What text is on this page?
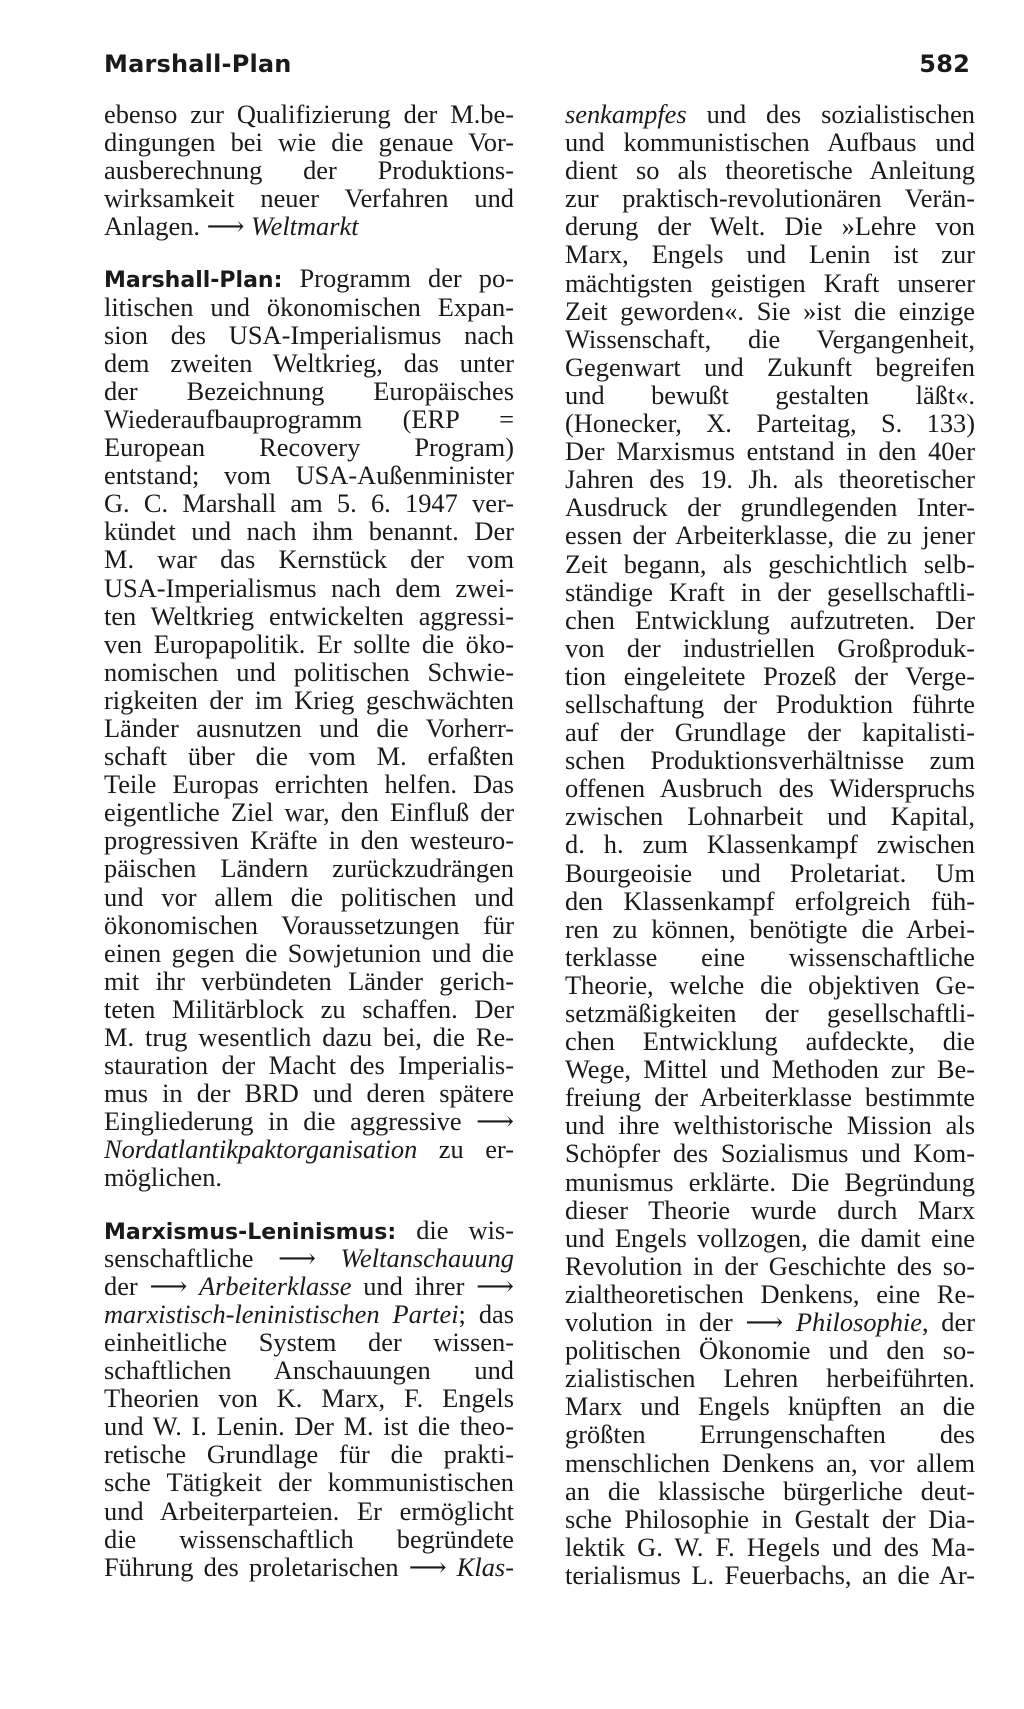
Marshall-Plan	582
ebenso zur Qualifizierung der M.be-
dingungen bei wie die genaue Vor-
ausberechnung der Produktions-
wirksamkeit neuer Verfahren und
Anlagen. ⟶ Weltmarkt
Marshall-Plan: Programm der po-
litischen und ökonomischen Expan-
sion des USA-Imperialismus nach
dem zweiten Weltkrieg, das unter
der Bezeichnung Europäisches
Wiederaufbauprogramm (ERP =
European Recovery Program)
entstand; vom USA-Außenminister
G. C. Marshall am 5. 6. 1947 ver-
kündet und nach ihm benannt. Der
M. war das Kernstück der vom
USA-Imperialismus nach dem zwei-
ten Weltkrieg entwickelten aggressi-
ven Europapolitik. Er sollte die öko-
nomischen und politischen Schwie-
rigkeiten der im Krieg geschwächten
Länder ausnutzen und die Vorherr-
schaft über die vom M. erfaßten
Teile Europas errichten helfen. Das
eigentliche Ziel war, den Einfluß der
progressiven Kräfte in den westeuro-
päischen Ländern zurückzudrängen
und vor allem die politischen und
ökonomischen Voraussetzungen für
einen gegen die Sowjetunion und die
mit ihr verbündeten Länder gerich-
teten Militärblock zu schaffen. Der
M. trug wesentlich dazu bei, die Re-
stauration der Macht des Imperialis-
mus in der BRD und deren spätere
Eingliederung in die aggressive ⟶
Nordatlantikpaktorganisation zu er-
möglichen.
Marxismus-Leninismus: die wis-
senschaftliche ⟶ Weltanschauung
der ⟶ Arbeiterklasse und ihrer ⟶
marxistisch-leninistischen Partei; das
einheitliche System der wissen-
schaftlichen Anschauungen und
Theorien von K. Marx, F. Engels
und W. I. Lenin. Der M. ist die theo-
retische Grundlage für die prakti-
sche Tätigkeit der kommunistischen
und Arbeiterparteien. Er ermöglicht
die wissenschaftlich begründete
Führung des proletarischen ⟶ Klas-
senkampfes und des sozialistischen
und kommunistischen Aufbaus und
dient so als theoretische Anleitung
zur praktisch-revolutionären Verän-
derung der Welt. Die »Lehre von
Marx, Engels und Lenin ist zur
mächtigsten geistigen Kraft unserer
Zeit geworden«. Sie »ist die einzige
Wissenschaft, die Vergangenheit,
Gegenwart und Zukunft begreifen
und bewußt gestalten läßt«.
(Honecker, X. Parteitag, S. 133)
Der Marxismus entstand in den 40er
Jahren des 19. Jh. als theoretischer
Ausdruck der grundlegenden Inter-
essen der Arbeiterklasse, die zu jener
Zeit begann, als geschichtlich selb-
ständige Kraft in der gesellschaftli-
chen Entwicklung aufzutreten. Der
von der industriellen Großproduk-
tion eingeleitete Prozeß der Verge-
sellschaftung der Produktion führte
auf der Grundlage der kapitalisti-
schen Produktionsverhältnisse zum
offenen Ausbruch des Widerspruchs
zwischen Lohnarbeit und Kapital,
d. h. zum Klassenkampf zwischen
Bourgeoisie und Proletariat. Um
den Klassenkampf erfolgreich füh-
ren zu können, benötigte die Arbei-
terklasse eine wissenschaftliche
Theorie, welche die objektiven Ge-
setzmäßigkeiten der gesellschaftli-
chen Entwicklung aufdeckte, die
Wege, Mittel und Methoden zur Be-
freiung der Arbeiterklasse bestimmte
und ihre welthistorische Mission als
Schöpfer des Sozialismus und Kom-
munismus erklärte. Die Begründung
dieser Theorie wurde durch Marx
und Engels vollzogen, die damit eine
Revolution in der Geschichte des so-
zialtheoretischen Denkens, eine Re-
volution in der ⟶ Philosophie, der
politischen Ökonomie und den so-
zialistischen Lehren herbeiführten.
Marx und Engels knüpften an die
größten Errungenschaften des
menschlichen Denkens an, vor allem
an die klassische bürgerliche deut-
sche Philosophie in Gestalt der Dia-
lektik G. W. F. Hegels und des Ma-
terialismus L. Feuerbachs, an die Ar-
